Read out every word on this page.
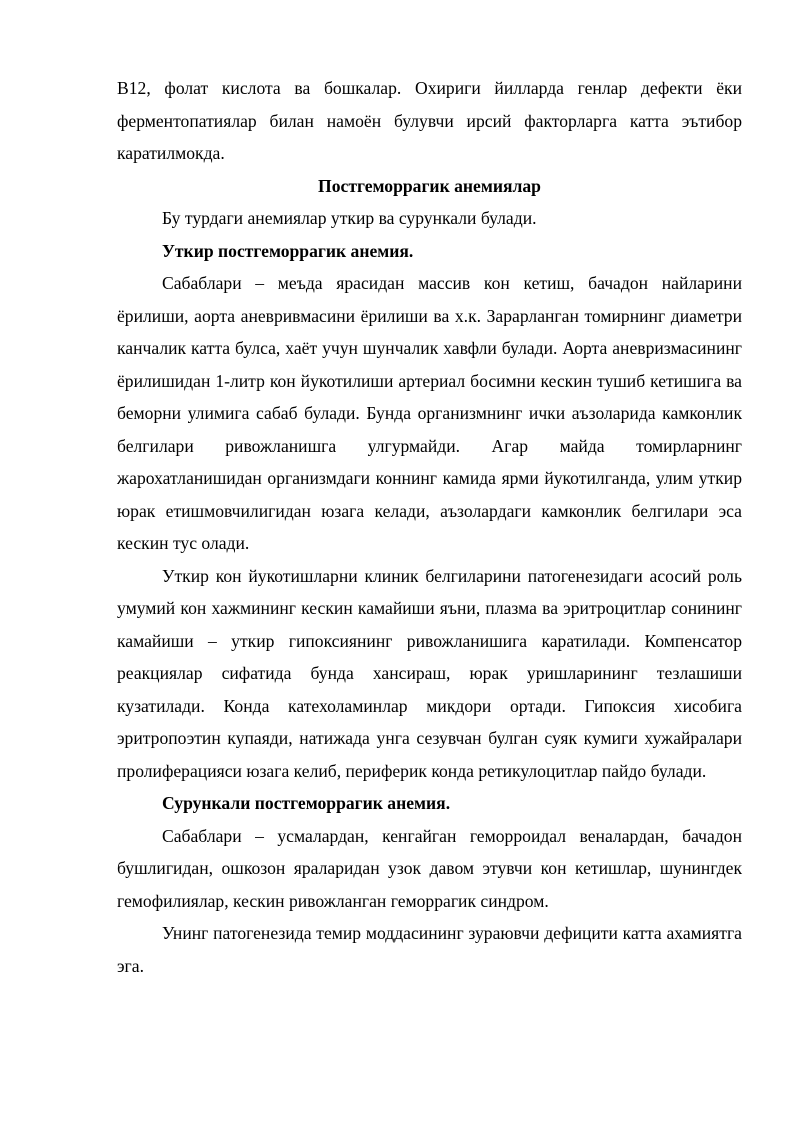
В12, фолат кислота ва бошкалар. Охириги йилларда генлар дефекти ёки ферментопатиялар билан намоён булувчи ирсий факторларга катта эътибор каратилмокда.

Постгеморрагик анемиялар

Бу турдаги анемиялар уткир ва сурункали булади.

Уткир постгеморрагик анемия.

Сабаблари – меъда ярасидан массив кон кетиш, бачадон найларини ёрилиши, аорта аневривмасини ёрилиши ва х.к. Зарарланган томирнинг диаметри канчалик катта булса, хаёт учун шунчалик хавфли булади. Аорта аневризмасининг ёрилишидан 1-литр кон йукотилиши артериал босимни кескин тушиб кетишига ва беморни улимига сабаб булади. Бунда организмнинг ички аъзоларида камконлик белгилари ривожланишга улгурмайди. Агар майда томирларнинг жарохатланишидан организмдаги коннинг камида ярми йукотилганда, улим уткир юрак етишмовчилигидан юзага келади, аъзолардаги камконлик белгилари эса кескин тус олади.

Уткир кон йукотишларни клиник белгиларини патогенезидаги асосий роль умумий кон хажмининг кескин камайиши яъни, плазма ва эритроцитлар сонининг камайиши – уткир гипоксиянинг ривожланишига каратилади. Компенсатор реакциялар сифатида бунда хансираш, юрак уришларининг тезлашиши кузатилади. Конда катехоламинлар микдори ортади. Гипоксия хисобига эритропоэтин купаяди, натижада унга сезувчан булган суяк кумиги хужайралари пролиферацияси юзага келиб, периферик конда ретикулоцитлар пайдо булади.

Сурункали постгеморрагик анемия.

Сабаблари – усмалардан, кенгайган геморроидал веналардан, бачадон бушлигидан, ошкозон яраларидан узок давом этувчи кон кетишлар, шунингдек гемофилиялар, кескин ривожланган геморрагик синдром.

Унинг патогенезида темир моддасининг зураювчи дефицити катта ахамиятга эга.
